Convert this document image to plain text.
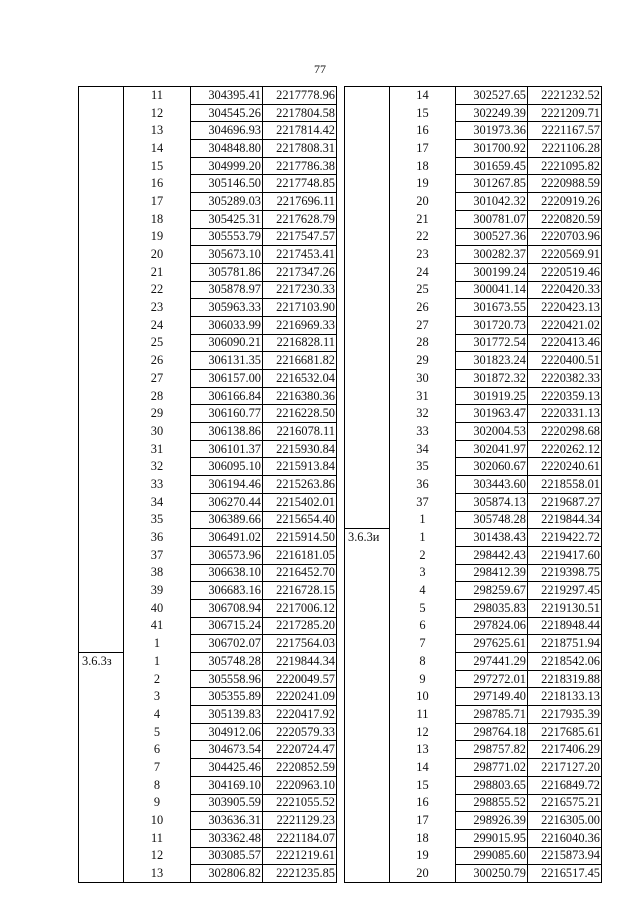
77
	11	304395.41	2217778.96
	12	304545.26	2217804.58
	13	304696.93	2217814.42
	14	304848.80	2217808.31
	15	304999.20	2217786.38
	16	305146.50	2217748.85
	17	305289.03	2217696.11
	18	305425.31	2217628.79
	19	305553.79	2217547.57
	20	305673.10	2217453.41
	21	305781.86	2217347.26
	22	305878.97	2217230.33
	23	305963.33	2217103.90
	24	306033.99	2216969.33
	25	306090.21	2216828.11
	26	306131.35	2216681.82
	27	306157.00	2216532.04
	28	306166.84	2216380.36
	29	306160.77	2216228.50
	30	306138.86	2216078.11
	31	306101.37	2215930.84
	32	306095.10	2215913.84
	33	306194.46	2215263.86
	34	306270.44	2215402.01
	35	306389.66	2215654.40
	36	306491.02	2215914.50
	37	306573.96	2216181.05
	38	306638.10	2216452.70
	39	306683.16	2216728.15
	40	306708.94	2217006.12
	41	306715.24	2217285.20
	1	306702.07	2217564.03
3.6.3з	1	305748.28	2219844.34
	2	305558.96	2220049.57
	3	305355.89	2220241.09
	4	305139.83	2220417.92
	5	304912.06	2220579.33
	6	304673.54	2220724.47
	7	304425.46	2220852.59
	8	304169.10	2220963.10
	9	303905.59	2221055.52
	10	303636.31	2221129.23
	11	303362.48	2221184.07
	12	303085.57	2221219.61
	13	302806.82	2221235.85
	14	302527.65	2221232.52
	15	302249.39	2221209.71
	16	301973.36	2221167.57
	17	301700.92	2221106.28
	18	301659.45	2221095.82
	19	301267.85	2220988.59
	20	301042.32	2220919.26
	21	300781.07	2220820.59
	22	300527.36	2220703.96
	23	300282.37	2220569.91
	24	300199.24	2220519.46
	25	300041.14	2220420.33
	26	301673.55	2220423.13
	27	301720.73	2220421.02
	28	301772.54	2220413.46
	29	301823.24	2220400.51
	30	301872.32	2220382.33
	31	301919.25	2220359.13
	32	301963.47	2220331.13
	33	302004.53	2220298.68
	34	302041.97	2220262.12
	35	302060.67	2220240.61
	36	303443.60	2218558.01
	37	305874.13	2219687.27
	1	305748.28	2219844.34
3.6.3и	1	301438.43	2219422.72
	2	298442.43	2219417.60
	3	298412.39	2219398.75
	4	298259.67	2219297.45
	5	298035.83	2219130.51
	6	297824.06	2218948.44
	7	297625.61	2218751.94
	8	297441.29	2218542.06
	9	297272.01	2218319.88
	10	297149.40	2218133.13
	11	298785.71	2217935.39
	12	298764.18	2217685.61
	13	298757.82	2217406.29
	14	298771.02	2217127.20
	15	298803.65	2216849.72
	16	298855.52	2216575.21
	17	298926.39	2216305.00
	18	299015.95	2216040.36
	19	299085.60	2215873.94
	20	300250.79	2216517.45
